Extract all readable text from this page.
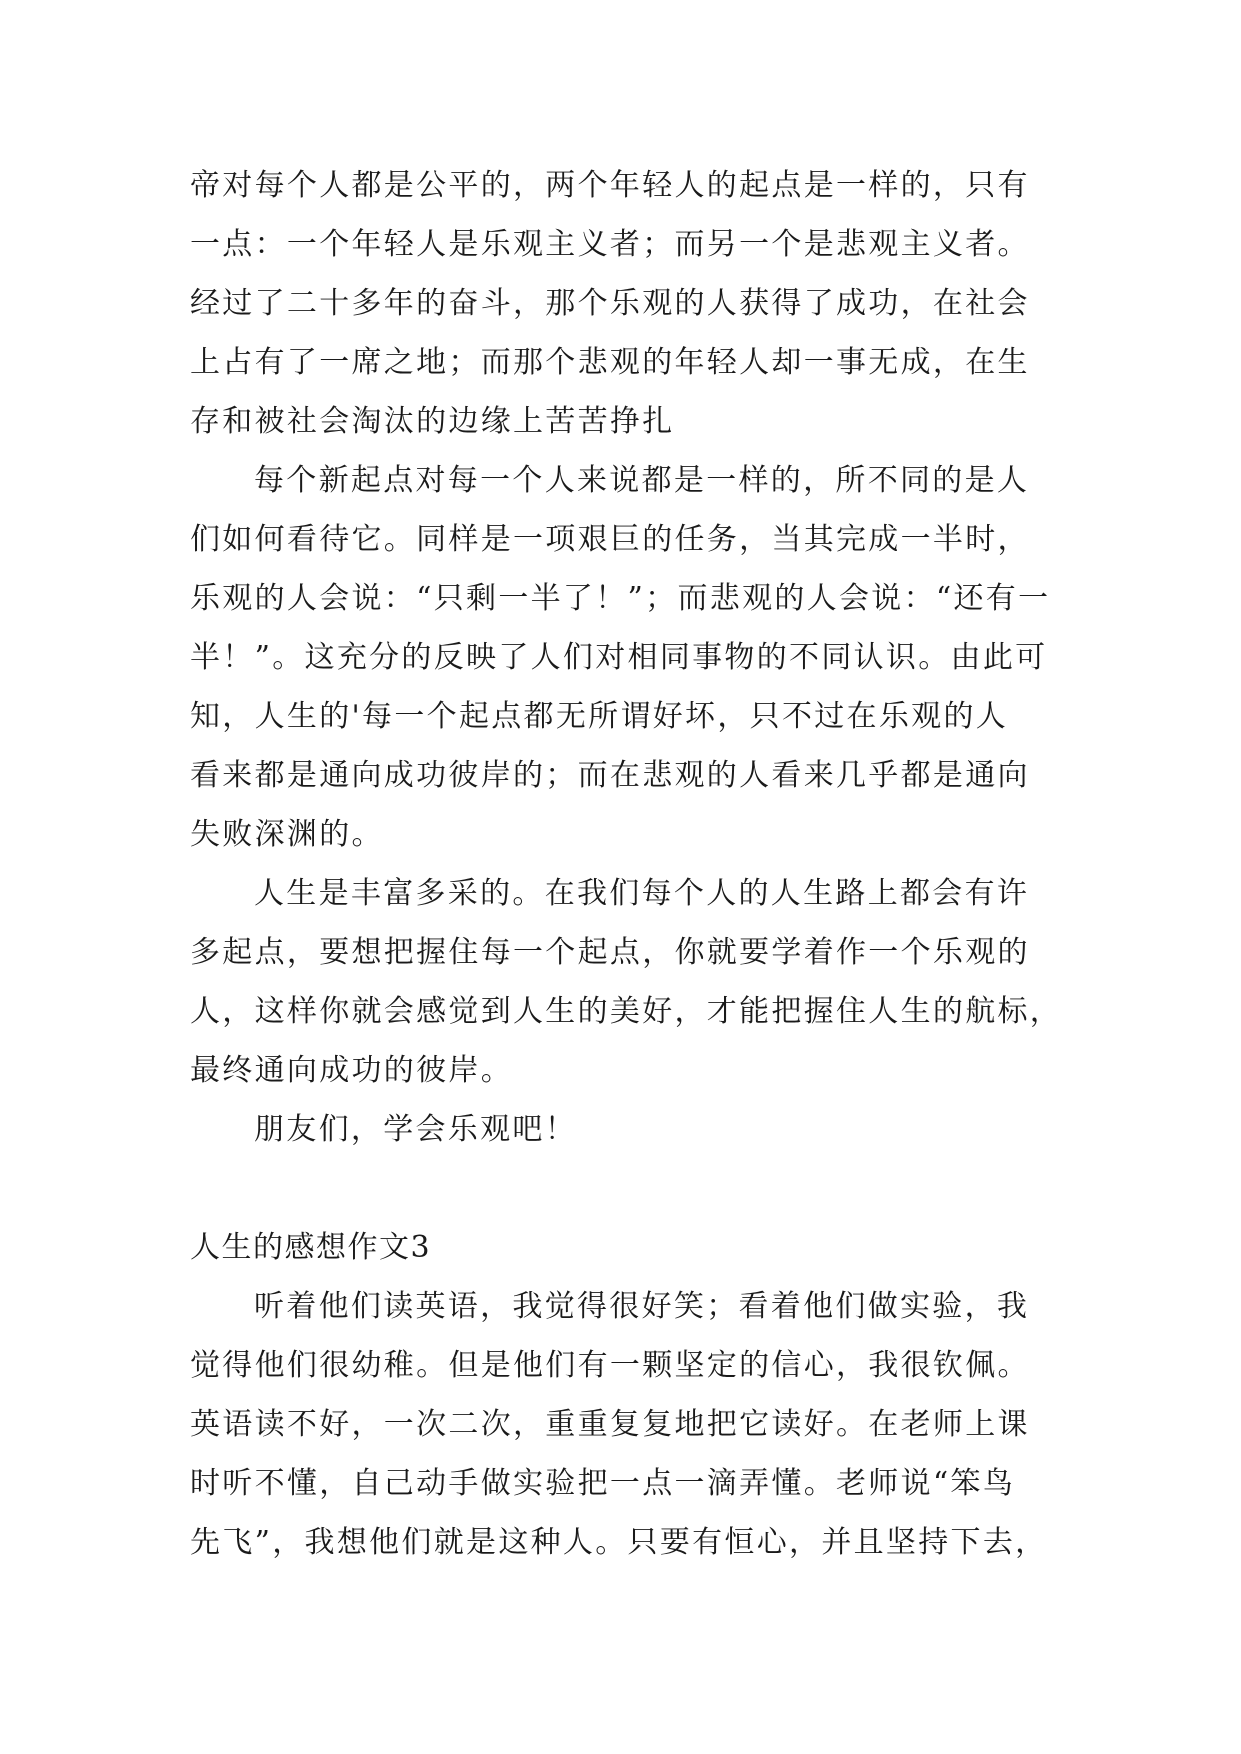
帝对每个人都是公平的，两个年轻人的起点是一样的，只有
一点：一个年轻人是乐观主义者；而另一个是悲观主义者。
经过了二十多年的奋斗，那个乐观的人获得了成功，在社会
上占有了一席之地；而那个悲观的年轻人却一事无成，在生
存和被社会淘汰的边缘上苦苦挣扎
每个新起点对每一个人来说都是一样的，所不同的是人
们如何看待它。同样是一项艰巨的任务，当其完成一半时，
乐观的人会说：“只剩一半了！”；而悲观的人会说：“还有一
半！”。这充分的反映了人们对相同事物的不同认识。由此可
知，人生的'每一个起点都无所谓好坏，只不过在乐观的人
看来都是通向成功彼岸的；而在悲观的人看来几乎都是通向
失败深渊的。
人生是丰富多采的。在我们每个人的人生路上都会有许
多起点，要想把握住每一个起点，你就要学着作一个乐观的
人，这样你就会感觉到人生的美好，才能把握住人生的航标，
最终通向成功的彼岸。
朋友们，学会乐观吧！
人生的感想作文3
听着他们读英语，我觉得很好笑；看着他们做实验，我
觉得他们很幼稚。但是他们有一颗坚定的信心，我很钦佩。
英语读不好，一次二次，重重复复地把它读好。在老师上课
时听不懂，自己动手做实验把一点一滴弄懂。老师说“笨鸟
先飞”，我想他们就是这种人。只要有恒心，并且坚持下去，
